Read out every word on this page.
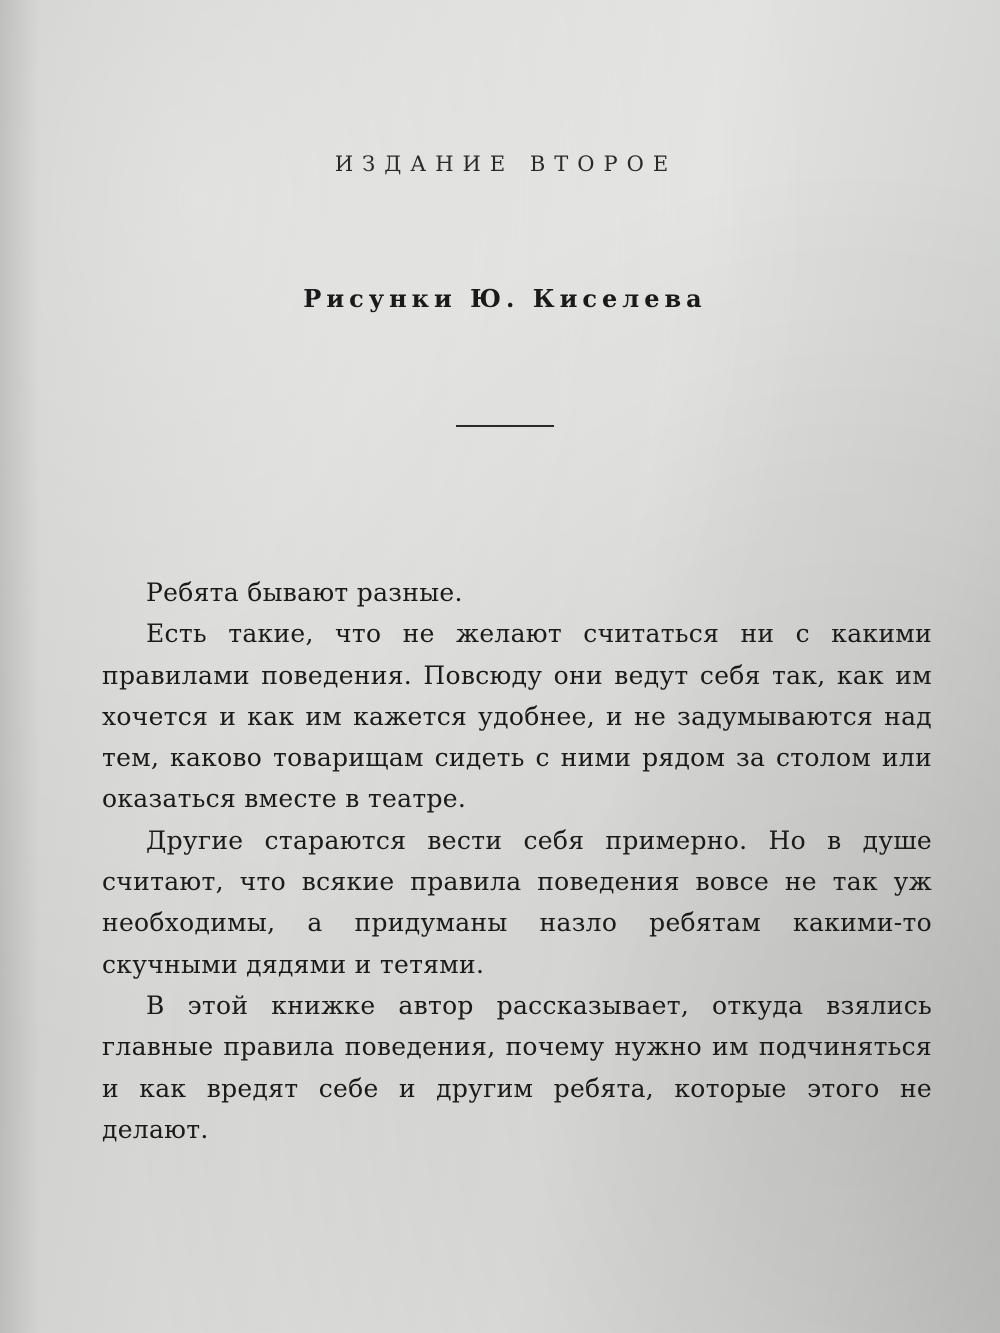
ИЗДАНИЕ ВТОРОЕ
Рисунки Ю. Киселева

Ребята бывают разные.

Есть такие, что не желают считаться ни с какими правилами поведения. Повсюду они ведут себя так, как им хочется и как им кажется удобнее, и не задумываются над тем, каково товарищам сидеть с ними рядом за столом или оказаться вместе в театре.

Другие стараются вести себя примерно. Но в душе считают, что всякие правила поведения вовсе не так уж необходимы, а придуманы назло ребятам какими-то скучными дядями и тетями.

В этой книжке автор рассказывает, откуда взялись главные правила поведения, почему нужно им подчиняться и как вредят себе и другим ребята, которые этого не делают.
